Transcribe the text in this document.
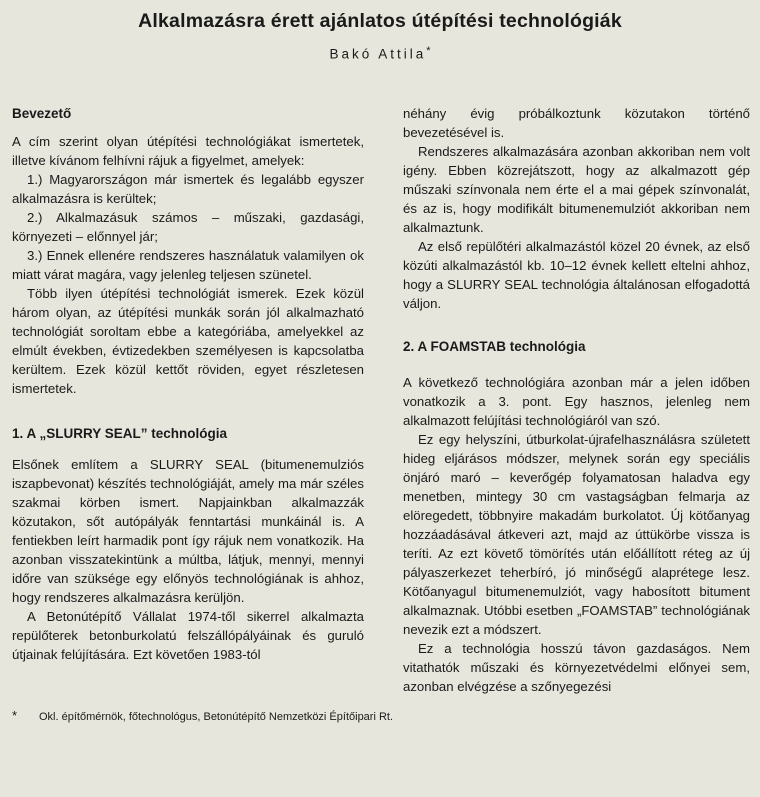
Alkalmazásra érett ajánlatos útépítési technológiák
Bakó Attila*
Bevezető

A cím szerint olyan útépítési technológiákat ismertetek, illetve kívánom felhívni rájuk a figyelmet, amelyek:

1.) Magyarországon már ismertek és legalább egyszer alkalmazásra is kerültek;

2.) Alkalmazásuk számos – műszaki, gazdasági, környezeti – előnnyel jár;

3.) Ennek ellenére rendszeres használatuk valamilyen ok miatt várat magára, vagy jelenleg teljesen szünetel.

Több ilyen útépítési technológiát ismerek. Ezek közül három olyan, az útépítési munkák során jól alkalmazható technológiát soroltam ebbe a kategóriába, amelyekkel az elmúlt években, évtizedekben személyesen is kapcsolatba kerültem. Ezek közül kettőt röviden, egyet részletesen ismertetek.

1. A „SLURRY SEAL” technológia

Elsőnek említem a SLURRY SEAL (bitumenemulziós iszapbevonat) készítés technológiáját, amely ma már széles szakmai körben ismert. Napjainkban alkalmazzák közutakon, sőt autópályák fenntartási munkáinál is. A fentiekben leírt harmadik pont így rájuk nem vonatkozik. Ha azonban visszatekintünk a múltba, látjuk, mennyi, mennyi időre van szüksége egy előnyös technológiának is ahhoz, hogy rendszeres alkalmazásra kerüljön.

A Betonútépítő Vállalat 1974-től sikerrel alkalmazta repülőterek betonburkolatú felszállópályáinak és guruló útjainak felújítására. Ezt követően 1983-tól

néhány évig próbálkoztunk közutakon történő bevezetésével is.

Rendszeres alkalmazására azonban akkoriban nem volt igény. Ebben közrejátszott, hogy az alkalmazott gép műszaki színvonala nem érte el a mai gépek színvonalát, és az is, hogy modifikált bitumenemulziót akkoriban nem alkalmaztunk.

Az első repülőtéri alkalmazástól közel 20 évnek, az első közúti alkalmazástól kb. 10–12 évnek kellett eltelni ahhoz, hogy a SLURRY SEAL technológia általánosan elfogadottá váljon.

2. A FOAMSTAB technológia

A következő technológiára azonban már a jelen időben vonatkozik a 3. pont. Egy hasznos, jelenleg nem alkalmazott felújítási technológiáról van szó.

Ez egy helyszíni, útburkolat-újrafelhasználásra született hideg eljárásos módszer, melynek során egy speciális önjáró maró – keverőgép folyamatosan haladva egy menetben, mintegy 30 cm vastagságban felmarja az elöregedett, többnyire makadám burkolatot. Új kötőanyag hozzáadásával átkeveri azt, majd az úttükörbe vissza is teríti. Az ezt követő tömörítés után előállított réteg az új pályaszerkezet teherbíró, jó minőségű alaprétege lesz. Kötőanyagul bitumenemulziót, vagy habosított bitument alkalmaznak. Utóbbi esetben „FOAMSTAB” technológiának nevezik ezt a módszert.

Ez a technológia hosszú távon gazdaságos. Nem vitathatók műszaki és környezetvédelmi előnyei sem, azonban elvégzése a szőnyegezési

* Okl. építőmérnök, főtechnológus, Betonútépítő Nemzetközi Építőipari Rt.
